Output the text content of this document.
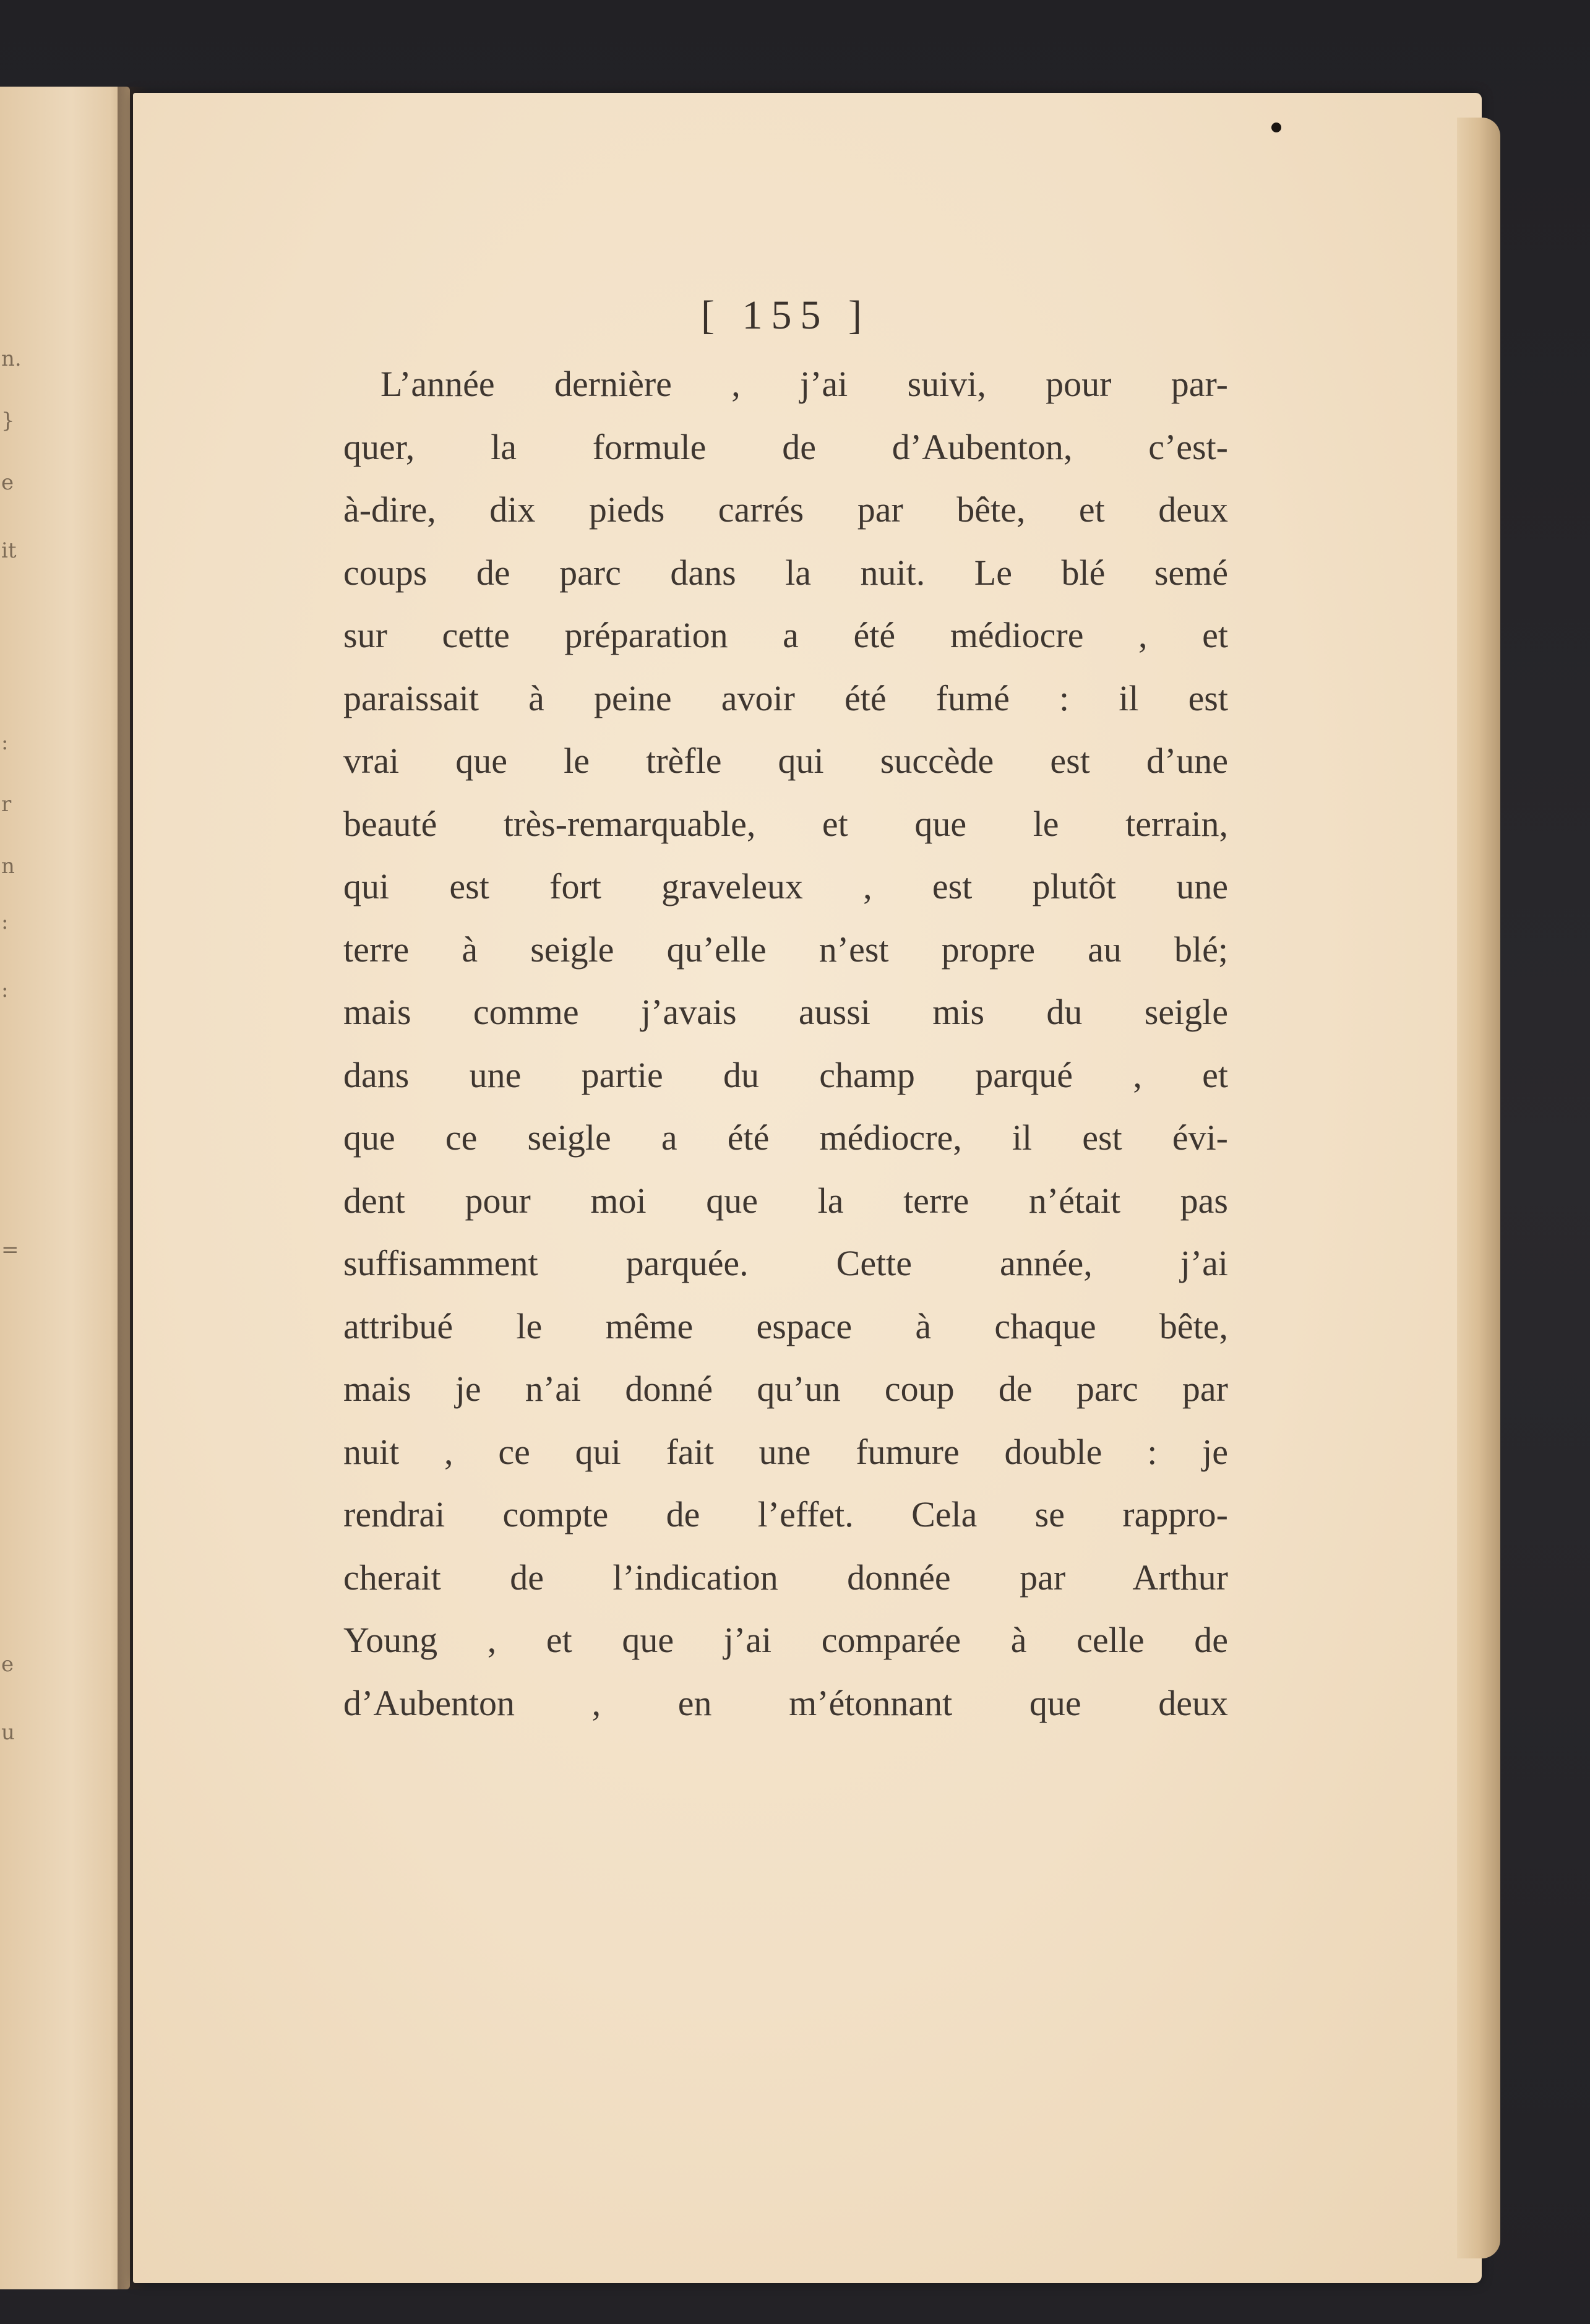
n.
}
e
it
:
r
n
:
:
=
e
u
[ 155 ]
L’année dernière , j’ai suivi, pour par-
quer, la formule de d’Aubenton, c’est-
à-dire, dix pieds carrés par bête, et deux
coups de parc dans la nuit. Le blé semé
sur cette préparation a été médiocre , et
paraissait à peine avoir été fumé : il est
vrai que le trèfle qui succède est d’une
beauté très-remarquable, et que le terrain,
qui est fort graveleux , est plutôt une
terre à seigle qu’elle n’est propre au blé;
mais comme j’avais aussi mis du seigle
dans une partie du champ parqué , et
que ce seigle a été médiocre, il est évi-
dent pour moi que la terre n’était pas
suffisamment parquée. Cette année, j’ai
attribué le même espace à chaque bête,
mais je n’ai donné qu’un coup de parc par
nuit , ce qui fait une fumure double : je
rendrai compte de l’effet. Cela se rappro-
cherait de l’indication donnée par Arthur
Young , et que j’ai comparée à celle de
d’Aubenton , en m’étonnant que deux
